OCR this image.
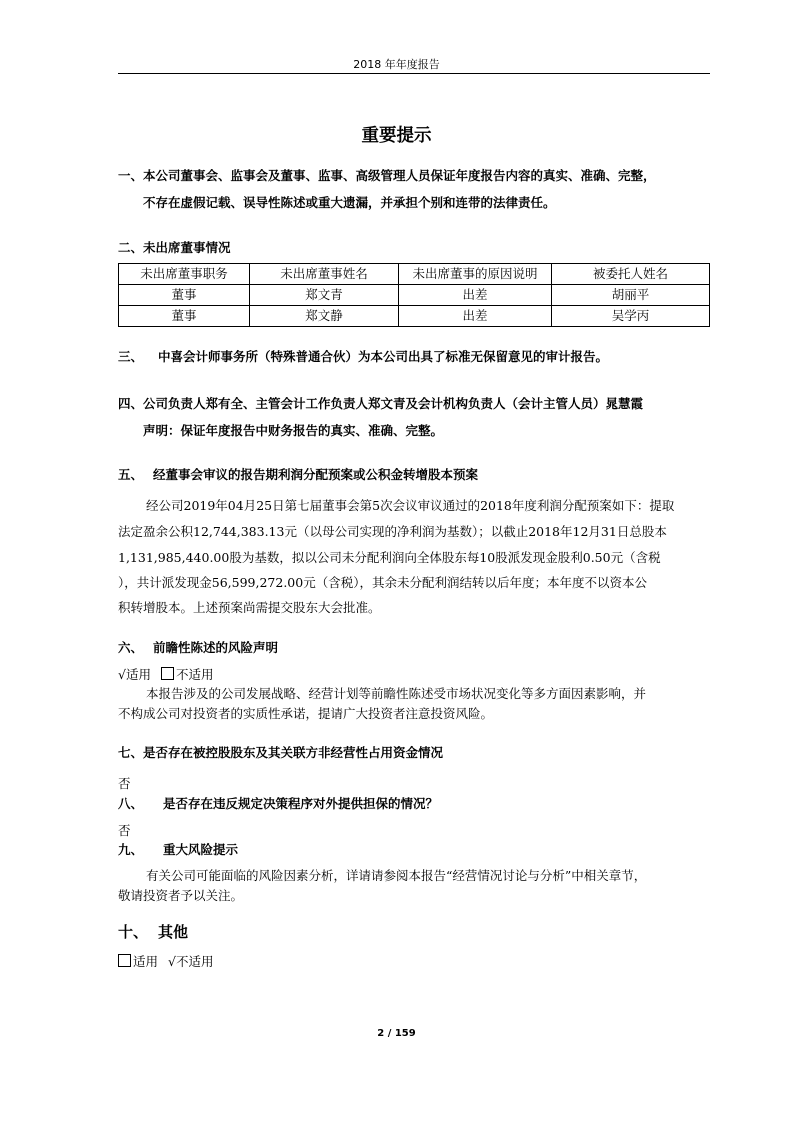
2018 年年度报告
重要提示
一、本公司董事会、监事会及董事、监事、高级管理人员保证年度报告内容的真实、准确、完整，
不存在虚假记载、误导性陈述或重大遗漏，并承担个别和连带的法律责任。
二、未出席董事情况
未出席董事职务	未出席董事姓名	未出席董事的原因说明	被委托人姓名
董事	郑文青	出差	胡丽平
董事	郑文静	出差	吴学丙
三、 中喜会计师事务所（特殊普通合伙）为本公司出具了标准无保留意见的审计报告。
四、公司负责人郑有全、主管会计工作负责人郑文青及会计机构负责人（会计主管人员）晁慧霞
声明：保证年度报告中财务报告的真实、准确、完整。
五、 经董事会审议的报告期利润分配预案或公积金转增股本预案
经公司2019年04月25日第七届董事会第5次会议审议通过的2018年度利润分配预案如下：提取
法定盈余公积12,744,383.13元（以母公司实现的净利润为基数）；以截止2018年12月31日总股本
1,131,985,440.00股为基数，拟以公司未分配利润向全体股东每10股派发现金股利0.50元（含税
），共计派发现金56,599,272.00元（含税），其余未分配利润结转以后年度；本年度不以资本公
积转增股本。上述预案尚需提交股东大会批准。
六、 前瞻性陈述的风险声明
√适用 不适用
本报告涉及的公司发展战略、经营计划等前瞻性陈述受市场状况变化等多方面因素影响，并
不构成公司对投资者的实质性承诺，提请广大投资者注意投资风险。
七、是否存在被控股股东及其关联方非经营性占用资金情况
否
八、 是否存在违反规定决策程序对外提供担保的情况？
否
九、 重大风险提示
有关公司可能面临的风险因素分析，详请请参阅本报告“经营情况讨论与分析”中相关章节，
敬请投资者予以关注。
十、 其他
适用 √不适用
2 / 159
